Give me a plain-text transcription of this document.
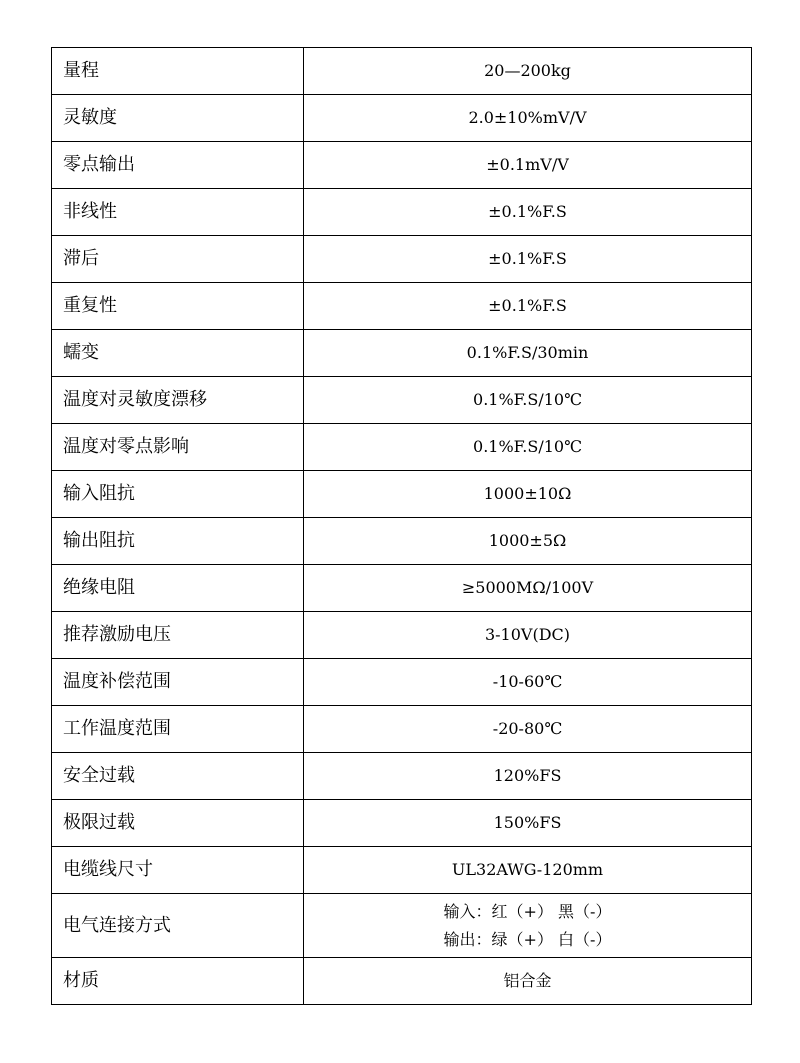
量程	20—200kg
灵敏度	2.0±10%mV/V
零点输出	±0.1mV/V
非线性	±0.1%F.S
滞后	±0.1%F.S
重复性	±0.1%F.S
蠕变	0.1%F.S/30min
温度对灵敏度漂移	0.1%F.S/10℃
温度对零点影响	0.1%F.S/10℃
输入阻抗	1000±10Ω
输出阻抗	1000±5Ω
绝缘电阻	≥5000MΩ/100V
推荐激励电压	3-10V(DC)
温度补偿范围	-10-60℃
工作温度范围	-20-80℃
安全过载	120%FS
极限过载	150%FS
电缆线尺寸	UL32AWG-120mm
电气连接方式	输入：红（+） 黑（-）
输出：绿（+） 白（-）

材质	铝合金
